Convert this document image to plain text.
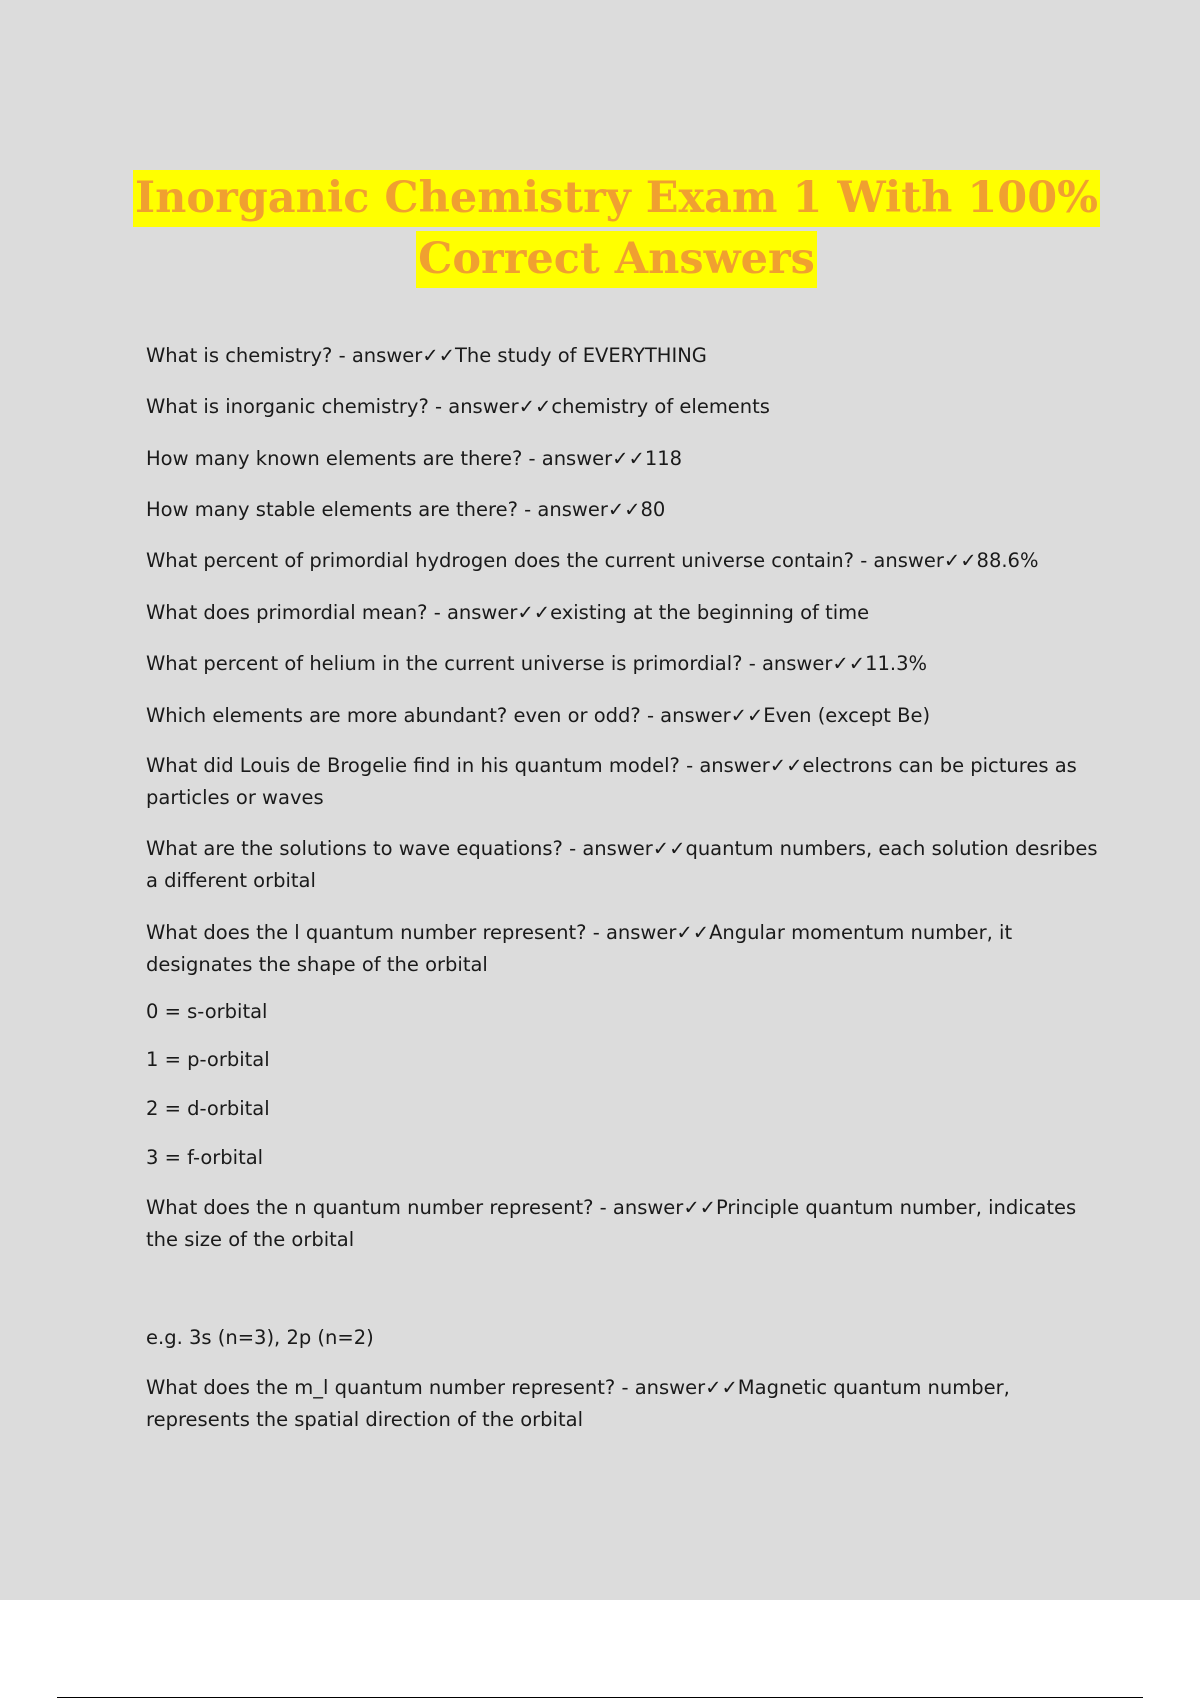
Inorganic Chemistry Exam 1 With 100%
Correct Answers

What is chemistry? - answer✓✓The study of EVERYTHING

What is inorganic chemistry? - answer✓✓chemistry of elements

How many known elements are there? - answer✓✓118

How many stable elements are there? - answer✓✓80

What percent of primordial hydrogen does the current universe contain? - answer✓✓88.6%

What does primordial mean? - answer✓✓existing at the beginning of time

What percent of helium in the current universe is primordial? - answer✓✓11.3%

Which elements are more abundant? even or odd? - answer✓✓Even (except Be)

What did Louis de Brogelie find in his quantum model? - answer✓✓electrons can be pictures as particles or waves

What are the solutions to wave equations? - answer✓✓quantum numbers, each solution desribes a different orbital

What does the l quantum number represent? - answer✓✓Angular momentum number, it designates the shape of the orbital

0 = s-orbital

1 = p-orbital

2 = d-orbital

3 = f-orbital

What does the n quantum number represent? - answer✓✓Principle quantum number, indicates the size of the orbital

e.g. 3s (n=3), 2p (n=2)

What does the m_l quantum number represent? - answer✓✓Magnetic quantum number, represents the spatial direction of the orbital
